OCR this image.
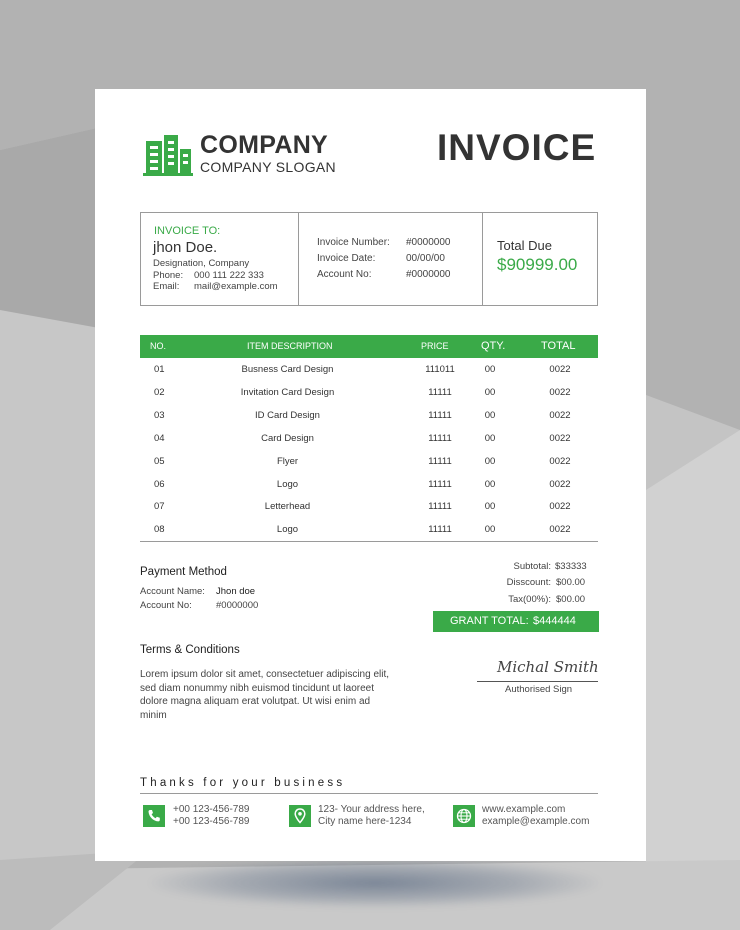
COMPANY
COMPANY SLOGAN	INVOICE
INVOICE TO:
jhon Doe.
Designation, Company
Phone: 000 111 222 333
Email: mail@example.com
Invoice Number: #0000000
Invoice Date:	00/00/00
Account No:	#0000000
Total Due
$90999.00
NO.	ITEM DESCRIPTION	PRICE	QTY.	TOTAL
01	Busness Card Design	111011	00	0022
02	Invitation Card Design	11111	00	0022
03	ID Card Design	11111	00	0022
04	Card Design	11111	00	0022
05	Flyer	11111	00	0022
06	Logo	11111	00	0022
07	Letterhead	11111	00	0022
08	Logo	11111	00	0022
Payment Method
Account Name: Jhon doe
Account No:	#0000000
Subtotal: $33333
Disscount: $00.00
Tax(00%): $00.00
GRANT TOTAL: $444444
Terms & Conditions
Lorem ipsum dolor sit amet, consectetuer adipiscing elit, sed diam nonummy nibh euismod tincidunt ut laoreet dolore magna aliquam erat volutpat. Ut wisi enim ad minim
Michal Smith
Authorised Sign
Thanks for your business
+00 123-456-789
+00 123-456-789
123- Your address here,
City name here-1234
www.example.com
example@example.com
